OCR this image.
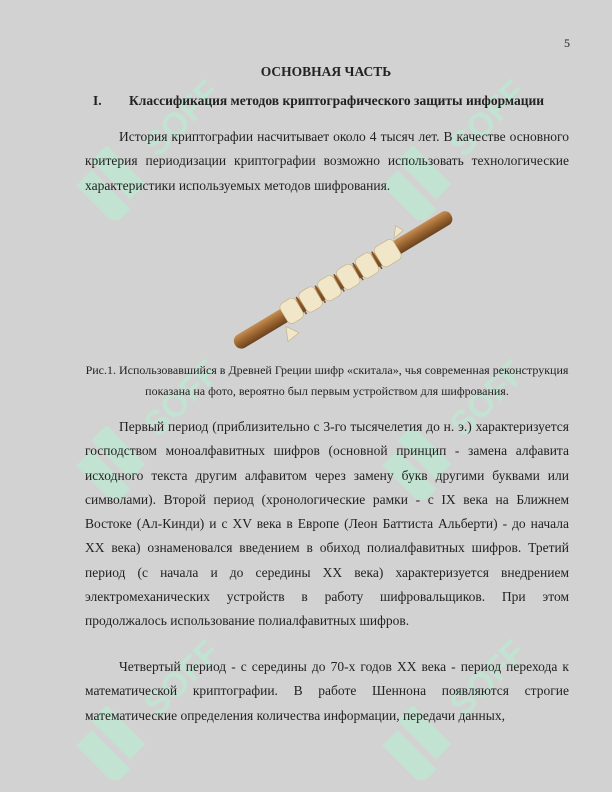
SOFF	SOFF
SOFF	SOFF
SOFF	SOFF
5
ОСНОВНАЯ ЧАСТЬ
I. Классификация методов криптографического защиты информации

История криптографии насчитывает около 4 тысяч лет. В качестве основного критерия периодизации криптографии возможно использовать технологические характеристики используемых методов шифрования.

Рис.1. Использовавшийся в Древней Греции шифр «скитала», чья современная реконструкция показана на фото, вероятно был первым устройством для шифрования.

Первый период (приблизительно с 3-го тысячелетия до н. э.) характеризуется господством моноалфавитных шифров (основной принцип - замена алфавита исходного текста другим алфавитом через замену букв другими буквами или символами). Второй период (хронологические рамки - с IX века на Ближнем Востоке (Ал-Кинди) и с XV века в Европе (Леон Баттиста Альберти) - до начала XX века) ознаменовался введением в обиход полиалфавитных шифров. Третий период (с начала и до середины XX века) характеризуется внедрением электромеханических устройств в работу шифровальщиков. При этом продолжалось использование полиалфавитных шифров.

Четвертый период - с середины до 70-х годов XX века - период перехода к математической криптографии. В работе Шеннона появляются строгие математические определения количества информации, передачи данных,
